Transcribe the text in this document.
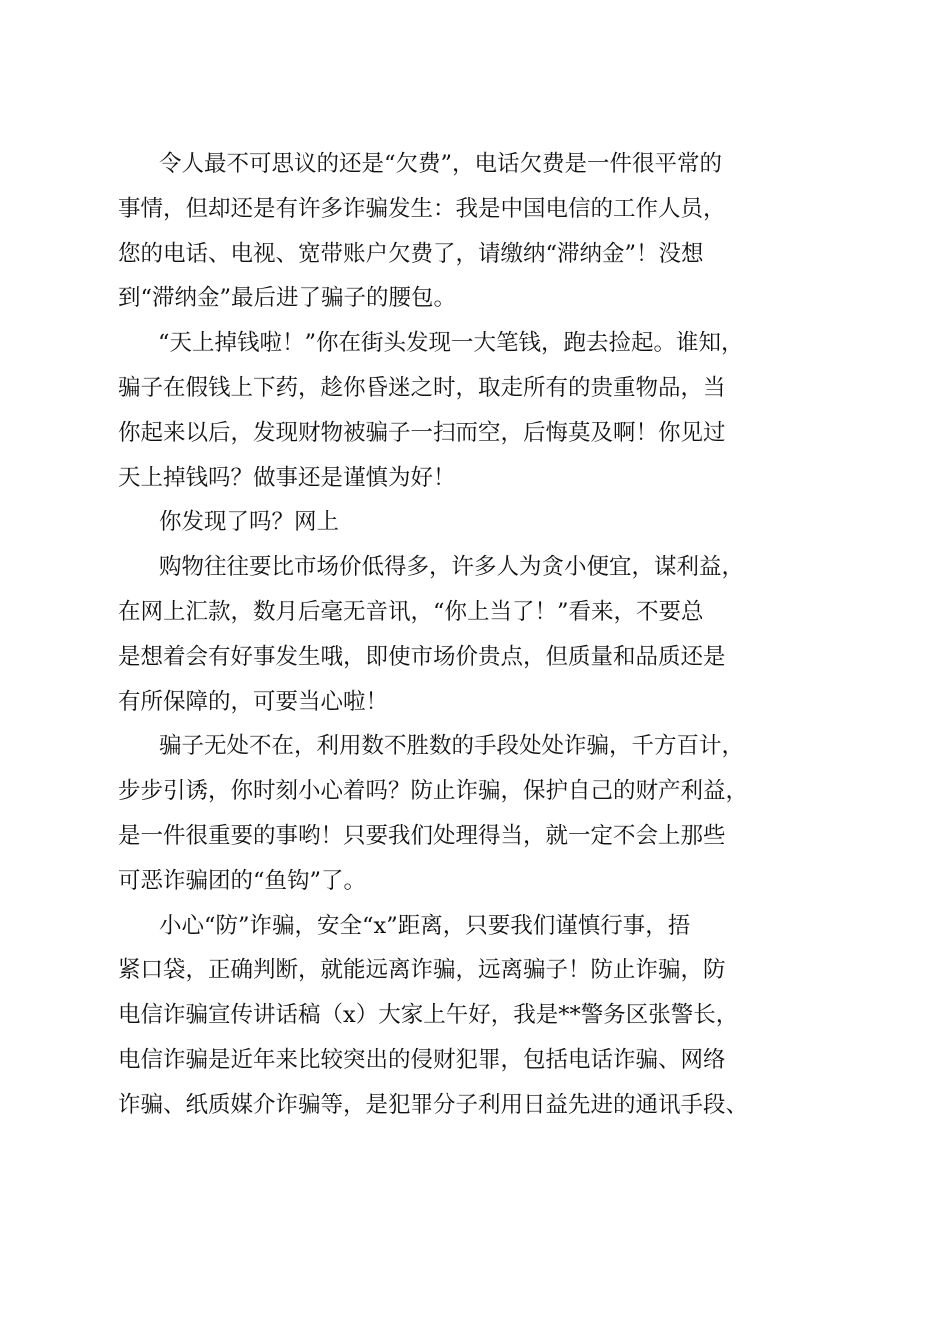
令人最不可思议的还是“欠费”，电话欠费是一件很平常的
事情，但却还是有许多诈骗发生：我是中国电信的工作人员，
您的电话、电视、宽带账户欠费了，请缴纳“滞纳金”！没想
到“滞纳金”最后进了骗子的腰包。
“天上掉钱啦！”你在街头发现一大笔钱，跑去捡起。谁知，
骗子在假钱上下药，趁你昏迷之时，取走所有的贵重物品，当
你起来以后，发现财物被骗子一扫而空，后悔莫及啊！你见过
天上掉钱吗？做事还是谨慎为好！
你发现了吗？网上
购物往往要比市场价低得多，许多人为贪小便宜，谋利益，
在网上汇款，数月后毫无音讯，“你上当了！”看来，不要总
是想着会有好事发生哦，即使市场价贵点，但质量和品质还是
有所保障的，可要当心啦！
骗子无处不在，利用数不胜数的手段处处诈骗，千方百计，
步步引诱，你时刻小心着吗？防止诈骗，保护自己的财产利益，
是一件很重要的事哟！只要我们处理得当，就一定不会上那些
可恶诈骗团的“鱼钩”了。
小心“防”诈骗，安全“x”距离，只要我们谨慎行事，捂
紧口袋，正确判断，就能远离诈骗，远离骗子！防止诈骗，防
电信诈骗宣传讲话稿（x）大家上午好，我是**警务区张警长，
电信诈骗是近年来比较突出的侵财犯罪，包括电话诈骗、网络
诈骗、纸质媒介诈骗等，是犯罪分子利用日益先进的通讯手段、
